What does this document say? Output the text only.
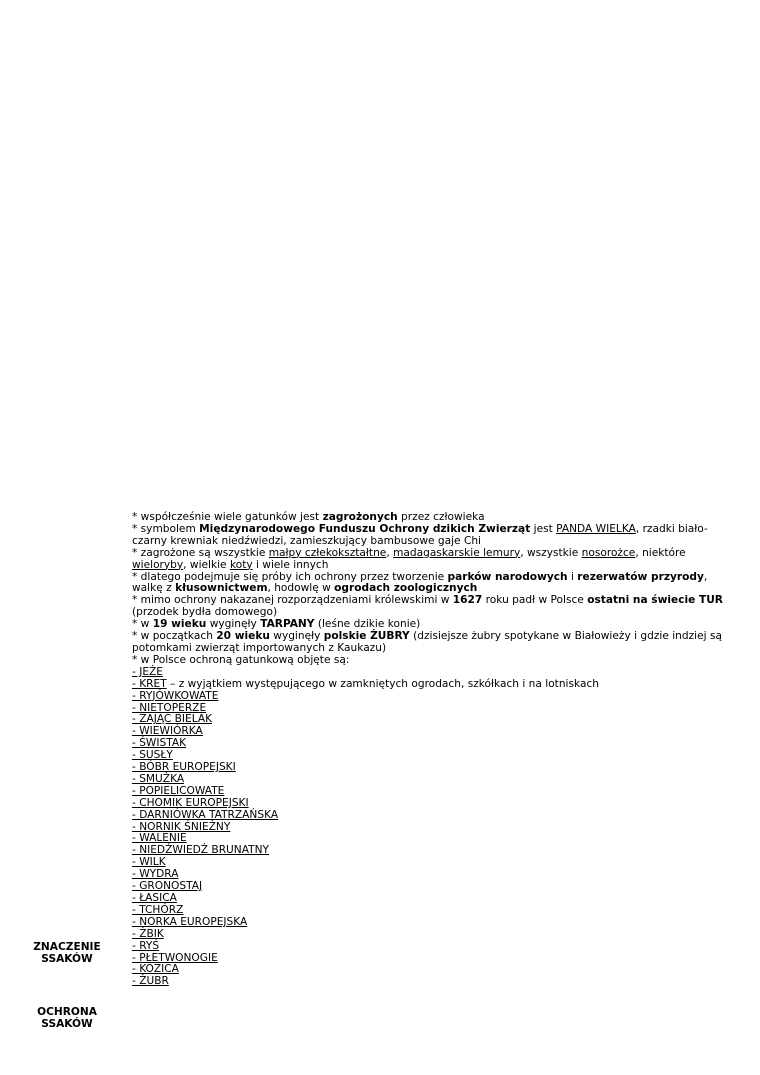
ZNACZENIE
SSAKÓW
OCHRONA
SSAKÓW

* współcześnie wiele gatunków jest zagrożonych przez człowieka

* symbolem Międzynarodowego Funduszu Ochrony dzikich Zwierząt jest PANDA WIELKA, rzadki biało-czarny krewniak niedźwiedzi, zamieszkujący bambusowe gaje Chi

* zagrożone są wszystkie małpy człekokształtne, madagaskarskie lemury, wszystkie nosorożce, niektóre wieloryby, wielkie koty i wiele innych

* dlatego podejmuje się próby ich ochrony przez tworzenie parków narodowych i rezerwatów przyrody, walkę z kłusownictwem, hodowlę w ogrodach zoologicznych

* mimo ochrony nakazanej rozporządzeniami królewskimi w 1627 roku padł w Polsce ostatni na świecie TUR (przodek bydła domowego)

* w 19 wieku wyginęły TARPANY (leśne dzikie konie)

* w początkach 20 wieku wyginęły polskie ŻUBRY (dzisiejsze żubry spotykane w Białowieży i gdzie indziej są potomkami zwierząt importowanych z Kaukazu)

* w Polsce ochroną gatunkową objęte są:

- JEŻE

- KRET – z wyjątkiem występującego w zamkniętych ogrodach, szkółkach i na lotniskach

- RYJÓWKOWATE

- NIETOPERZE

- ZAJĄC BIELAK

- WIEWIÓRKA

- ŚWISTAK

- SUSŁY

- BÓBR EUROPEJSKI

- SMUŻKA

- POPIELICOWATE

- CHOMIK EUROPEJSKI

- DARNIÓWKA TATRZAŃSKA

- NORNIK ŚNIEŻNY

- WALENIE

- NIEDŹWIEDŹ BRUNATNY

- WILK

- WYDRA

- GRONOSTAJ

- ŁASICA

- TCHÓRZ

- NORKA EUROPEJSKA

- ŻBIK

- RYŚ

- PŁETWONOGIE

- KOZICA

- ŻUBR
